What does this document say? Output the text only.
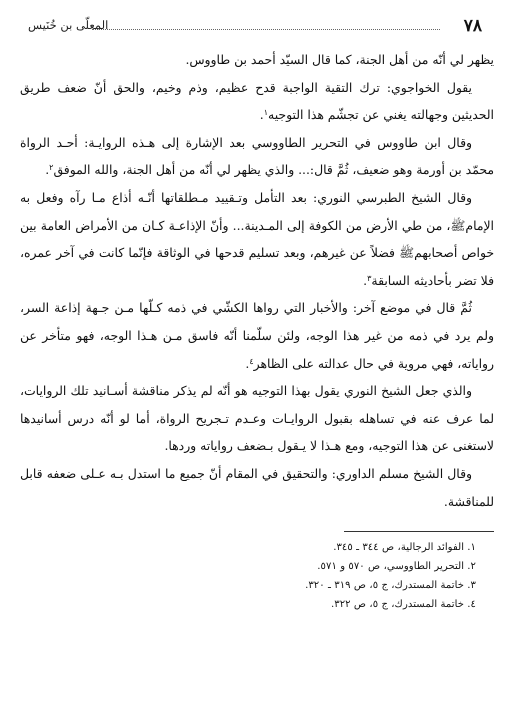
٧٨
المعلّى بن خُنَيس

يظهر لي أنّه من أهل الجنة، كما قال السيّد أحمد بن طاووس.

يقول الخواجوي: ترك التقية الواجبة قدح عظيم، وذم وخيم، والحق أنّ ضعف طريق الحديثين وجهالته يغني عن تجشّم هذا التوجيه$^١$.

وقال ابن طاووس في التحرير الطاووسي بعد الإشارة إلى هـذه الروايـة: أحـد الرواة محمّد بن أورمة وهو ضعيف، ثُمَّ قال:... والذي يظهر لي أنّه من أهل الجنة، والله الموفق$^٢$.

وقال الشيخ الطبرسي النوري: بعد التأمل وتـقييد مـطلقاتها أنّـه أذاع مـا رآه وفعل به الإمامﷺ، من طي الأرض من الكوفة إلى المـدينة... وأنّ الإذاعـة كـان من الأمراض العامة بين خواص أصحابهمﷺ فضلاً عن غيرهم، وبعد تسليم قدحها في الوثاقة فإنّما كانت في آخر عمره، فلا تضر بأحاديثه السابقة$^٣$.

ثُمَّ قال في موضع آخر: والأخبار التي رواها الكشّي في ذمه كـلّها مـن جـهة إذاعة السر، ولم يرد في ذمه من غير هذا الوجه، ولئن سلّمنا أنّه فاسق مـن هـذا الوجه، فهو متأخر عن رواياته، فهي مروية في حال عدالته على الظاهر$^٤$.

والذي جعل الشيخ النوري يقول بهذا التوجيه هو أنّه لم يذكر مناقشة أسـانيد تلك الروايات، لما عرف عنه في تساهله بقبول الروايـات وعـدم تـجريح الرواة، أما لو أنّه درس أسانيدها لاستغنى عن هذا التوجيه، ومع هـذا لا يـقول بـضعف رواياته وردها.

وقال الشيخ مسلم الداوري: والتحقيق في المقام أنّ جميع ما استدل بـه عـلى ضعفه قابل للمناقشة.

١. الفوائد الرجالية، ص ٣٤٤ ـ ٣٤٥.
٢. التحرير الطاووسي، ص ٥٧٠ و ٥٧١.
٣. خاتمة المستدرك، ج ٥، ص ٣١٩ ـ ٣٢٠.
٤. خاتمة المستدرك، ج ٥، ص ٣٢٢.
